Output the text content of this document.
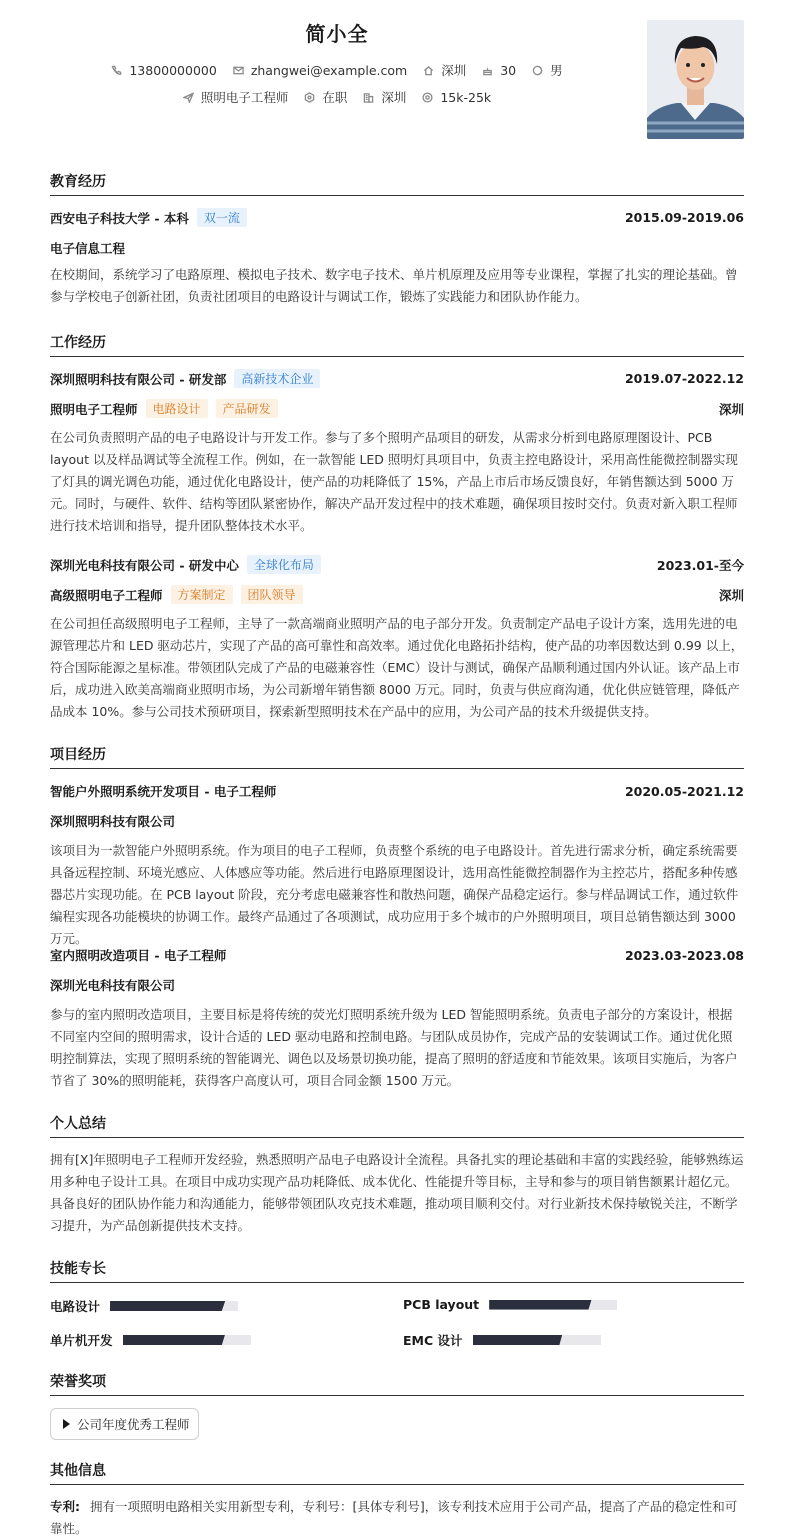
简小全
13800000000	zhangwei@example.com	深圳	30	男
照明电子工程师	在职	深圳	15k-25k
教育经历
西安电子科技大学 - 本科	双一流	2015.09-2019.06
电子信息工程
在校期间，系统学习了电路原理、模拟电子技术、数字电子技术、单片机原理及应用等专业课程，掌握了扎实的理论基础。曾参与学校电子创新社团，负责社团项目的电路设计与调试工作，锻炼了实践能力和团队协作能力。
工作经历
深圳照明科技有限公司 - 研发部	高新技术企业	2019.07-2022.12
照明电子工程师	电路设计	产品研发	深圳
在公司负责照明产品的电子电路设计与开发工作。参与了多个照明产品项目的研发，从需求分析到电路原理图设计、PCB layout 以及样品调试等全流程工作。例如，在一款智能 LED 照明灯具项目中，负责主控电路设计，采用高性能微控制器实现了灯具的调光调色功能，通过优化电路设计，使产品的功耗降低了 15%，产品上市后市场反馈良好，年销售额达到 5000 万元。同时，与硬件、软件、结构等团队紧密协作，解决产品开发过程中的技术难题，确保项目按时交付。负责对新入职工程师进行技术培训和指导，提升团队整体技术水平。
深圳光电科技有限公司 - 研发中心	全球化布局	2023.01-至今
高级照明电子工程师	方案制定	团队领导	深圳
在公司担任高级照明电子工程师，主导了一款高端商业照明产品的电子部分开发。负责制定产品电子设计方案，选用先进的电源管理芯片和 LED 驱动芯片，实现了产品的高可靠性和高效率。通过优化电路拓扑结构，使产品的功率因数达到 0.99 以上，符合国际能源之星标准。带领团队完成了产品的电磁兼容性（EMC）设计与测试，确保产品顺利通过国内外认证。该产品上市后，成功进入欧美高端商业照明市场，为公司新增年销售额 8000 万元。同时，负责与供应商沟通，优化供应链管理，降低产品成本 10%。参与公司技术预研项目，探索新型照明技术在产品中的应用，为公司产品的技术升级提供支持。
项目经历
智能户外照明系统开发项目 - 电子工程师	2020.05-2021.12
深圳照明科技有限公司
该项目为一款智能户外照明系统。作为项目的电子工程师，负责整个系统的电子电路设计。首先进行需求分析，确定系统需要具备远程控制、环境光感应、人体感应等功能。然后进行电路原理图设计，选用高性能微控制器作为主控芯片，搭配多种传感器芯片实现功能。在 PCB layout 阶段，充分考虑电磁兼容性和散热问题，确保产品稳定运行。参与样品调试工作，通过软件编程实现各功能模块的协调工作。最终产品通过了各项测试，成功应用于多个城市的户外照明项目，项目总销售额达到 3000 万元。
室内照明改造项目 - 电子工程师	2023.03-2023.08
深圳光电科技有限公司
参与的室内照明改造项目，主要目标是将传统的荧光灯照明系统升级为 LED 智能照明系统。负责电子部分的方案设计，根据不同室内空间的照明需求，设计合适的 LED 驱动电路和控制电路。与团队成员协作，完成产品的安装调试工作。通过优化照明控制算法，实现了照明系统的智能调光、调色以及场景切换功能，提高了照明的舒适度和节能效果。该项目实施后，为客户节省了 30%的照明能耗，获得客户高度认可，项目合同金额 1500 万元。
个人总结
拥有[X]年照明电子工程师开发经验，熟悉照明产品电子电路设计全流程。具备扎实的理论基础和丰富的实践经验，能够熟练运用多种电子设计工具。在项目中成功实现产品功耗降低、成本优化、性能提升等目标，主导和参与的项目销售额累计超亿元。具备良好的团队协作能力和沟通能力，能够带领团队攻克技术难题，推动项目顺利交付。对行业新技术保持敏锐关注，不断学习提升，为产品创新提供技术支持。
技能专长
电路设计	PCB layout
单片机开发	EMC 设计
荣誉奖项
公司年度优秀工程师
其他信息
专利: 拥有一项照明电路相关实用新型专利，专利号：[具体专利号]，该专利技术应用于公司产品，提高了产品的稳定性和可靠性。
